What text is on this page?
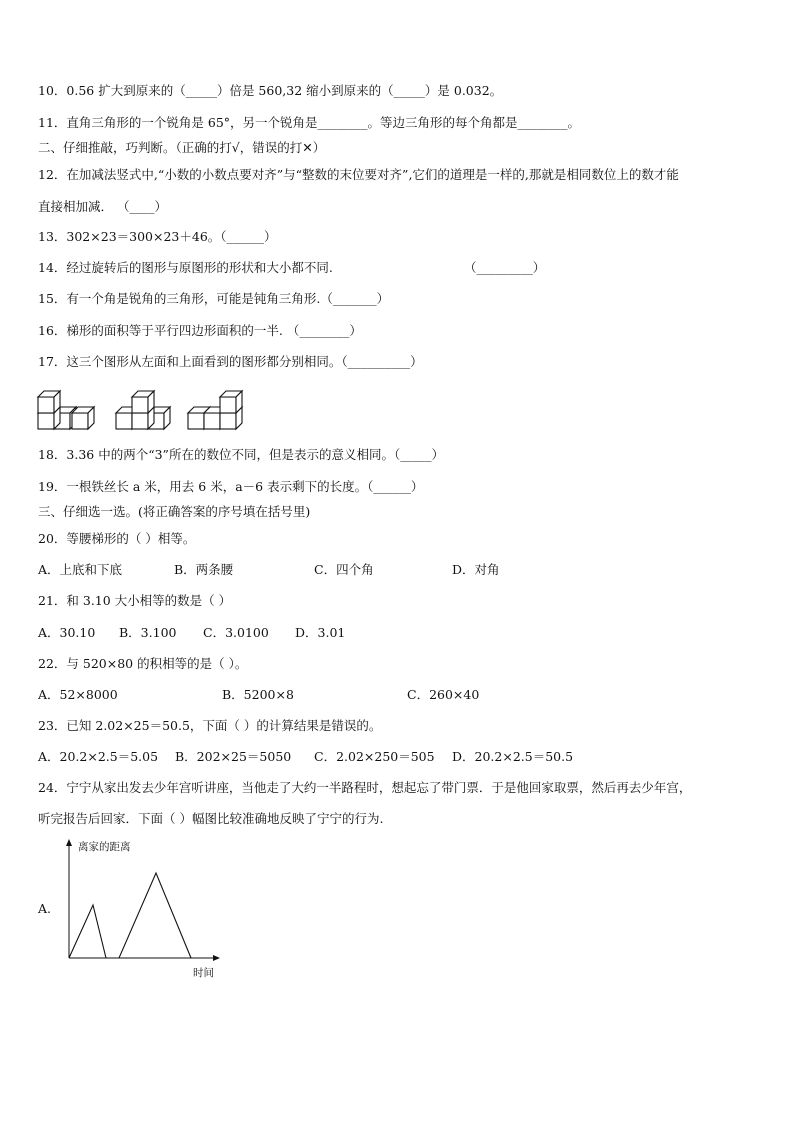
10．0.56 扩大到原来的（_____）倍是 560,32 缩小到原来的（_____）是 0.032。
11．直角三角形的一个锐角是 65°，另一个锐角是________。等边三角形的每个角都是________。
二、仔细推敲，巧判断。（正确的打√，错误的打✕）
12．在加减法竖式中,“小数的小数点要对齐”与“整数的末位要对齐”,它们的道理是一样的,那就是相同数位上的数才能
直接相加减． （____）
13．302×23＝300×23＋46。（______）
14．经过旋转后的图形与原图形的形状和大小都不同.	（_________）
15．有一个角是锐角的三角形，可能是钝角三角形.（_______）
16．梯形的面积等于平行四边形面积的一半. （________）
17．这三个图形从左面和上面看到的图形都分别相同。（__________）
18．3.36 中的两个“3”所在的数位不同，但是表示的意义相同。（_____）
19．一根铁丝长 a 米，用去 6 米，a－6 表示剩下的长度。（______）
三、仔细选一选。(将正确答案的序号填在括号里)
20．等腰梯形的（ ）相等。
A．上底和下底	B．两条腰	C．四个角	D．对角
21．和 3.10 大小相等的数是（ ）
A．30.10 B．3.100 C．3.0100 D．3.01
22．与 520×80 的积相等的是（ ）。
A．52×8000	B．5200×8	C．260×40
23．已知 2.02×25＝50.5，下面（ ）的计算结果是错误的。
A．20.2×2.5＝5.05 B．202×25＝5050 C．2.02×250＝505 D．20.2×2.5＝50.5
24．宁宁从家出发去少年宫听讲座，当他走了大约一半路程时，想起忘了带门票．于是他回家取票，然后再去少年宫，
听完报告后回家．下面（ ）幅图比较准确地反映了宁宁的行为.
A.
离家的距离
时间
